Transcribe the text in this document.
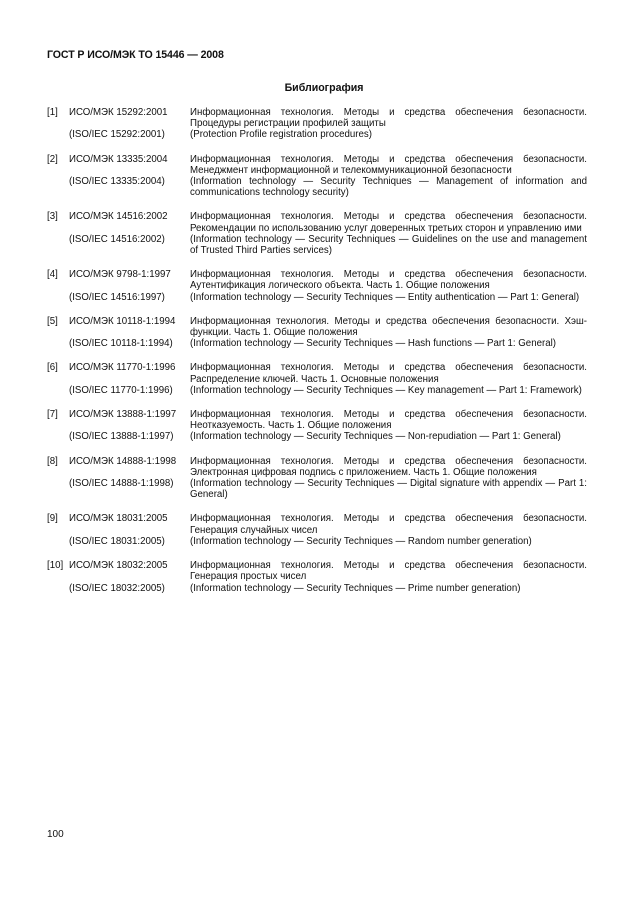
ГОСТ Р ИСО/МЭК ТО 15446 — 2008
Библиография
[1]	ИСО/МЭК 15292:2001	Информационная технология. Методы и средства обеспечения безопасности. Процедуры регистрации профилей защиты
(ISO/IEC 15292:2001)	(Protection Profile registration procedures)
[2]	ИСО/МЭК 13335:2004	Информационная технология. Методы и средства обеспечения безопасности. Менеджмент информационной и телекоммуникационной безопасности
(ISO/IEC 13335:2004)	(Information technology — Security Techniques — Management of information and communications technology security)
[3]	ИСО/МЭК 14516:2002	Информационная технология. Методы и средства обеспечения безопасности. Рекомендации по использованию услуг доверенных третьих сторон и управлению ими
(ISO/IEC 14516:2002)	(Information technology — Security Techniques — Guidelines on the use and management of Trusted Third Parties services)
[4]	ИСО/МЭК 9798-1:1997	Информационная технология. Методы и средства обеспечения безопасности. Аутентификация логического объекта. Часть 1. Общие положения
(ISO/IEC 14516:1997)	(Information technology — Security Techniques — Entity authentication — Part 1: General)
[5]	ИСО/МЭК 10118-1:1994	Информационная технология. Методы и средства обеспечения безопасности. Хэш-функции. Часть 1. Общие положения
(ISO/IEC 10118-1:1994)	(Information technology — Security Techniques — Hash functions — Part 1: General)
[6]	ИСО/МЭК 11770-1:1996	Информационная технология. Методы и средства обеспечения безопасности. Распределение ключей. Часть 1. Основные положения
(ISO/IEC 11770-1:1996)	(Information technology — Security Techniques — Key management — Part 1: Framework)
[7]	ИСО/МЭК 13888-1:1997	Информационная технология. Методы и средства обеспечения безопасности. Неотказуемость. Часть 1. Общие положения
(ISO/IEC 13888-1:1997)	(Information technology — Security Techniques — Non-repudiation — Part 1: General)
[8]	ИСО/МЭК 14888-1:1998	Информационная технология. Методы и средства обеспечения безопасности. Электронная цифровая подпись с приложением. Часть 1. Общие положения
(ISO/IEC 14888-1:1998)	(Information technology — Security Techniques — Digital signature with appendix — Part 1: General)
[9]	ИСО/МЭК 18031:2005	Информационная технология. Методы и средства обеспечения безопасности. Генерация случайных чисел
(ISO/IEC 18031:2005)	(Information technology — Security Techniques — Random number generation)
[10] ИСО/МЭК 18032:2005	Информационная технология. Методы и средства обеспечения безопасности. Генерация простых чисел
(ISO/IEC 18032:2005)	(Information technology — Security Techniques — Prime number generation)
100
